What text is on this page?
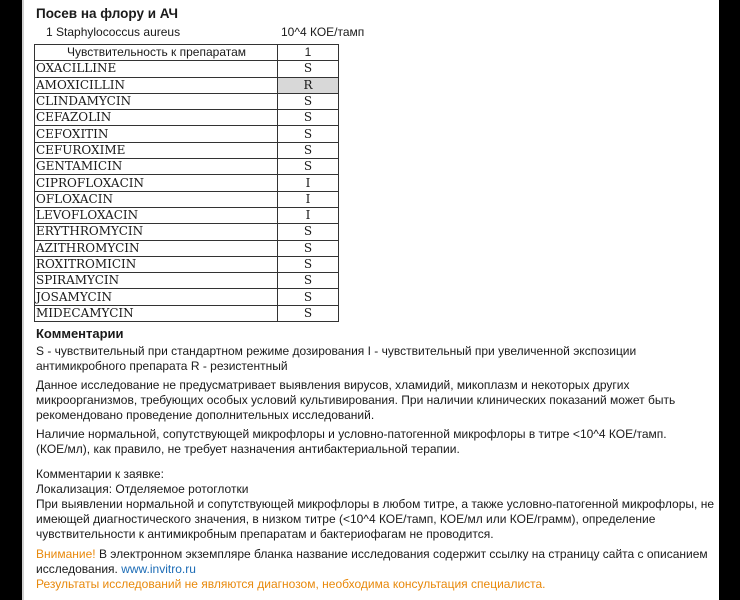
Посев на флору и АЧ
1 Staphylococcus aureus	10^4 КОЕ/тамп
Чувствительность к препаратам	1
OXACILLINE	S
AMOXICILLIN	R
CLINDAMYCIN	S
CEFAZOLIN	S
CEFOXITIN	S
CEFUROXIME	S
GENTAMICIN	S
CIPROFLOXACIN	I
OFLOXACIN	I
LEVOFLOXACIN	I
ERYTHROMYCIN	S
AZITHROMYCIN	S
ROXITROMICIN	S
SPIRAMYCIN	S
JOSAMYCIN	S
MIDECAMYCIN	S
Комментарии
S - чувствительный при стандартном режиме дозирования I - чувствительный при увеличенной экспозиции антимикробного препарата R - резистентный
Данное исследование не предусматривает выявления вирусов, хламидий, микоплазм и некоторых других микроорганизмов, требующих особых условий культивирования. При наличии клинических показаний может быть рекомендовано проведение дополнительных исследований.
Наличие нормальной, сопутствующей микрофлоры и условно-патогенной микрофлоры в титре <10^4 КОЕ/тамп. (КОЕ/мл), как правило, не требует назначения антибактериальной терапии.
Комментарии к заявке:
Локализация: Отделяемое ротоглотки
При выявлении нормальной и сопутствующей микрофлоры в любом титре, а также условно-патогенной микрофлоры, не имеющей диагностического значения, в низком титре (<10^4 КОЕ/тамп, КОЕ/мл или КОЕ/грамм), определение чувствительности к антимикробным препаратам и бактериофагам не проводится.
Внимание! В электронном экземпляре бланка название исследования содержит ссылку на страницу сайта с описанием исследования. www.invitro.ru
Результаты исследований не являются диагнозом, необходима консультация специалиста.
